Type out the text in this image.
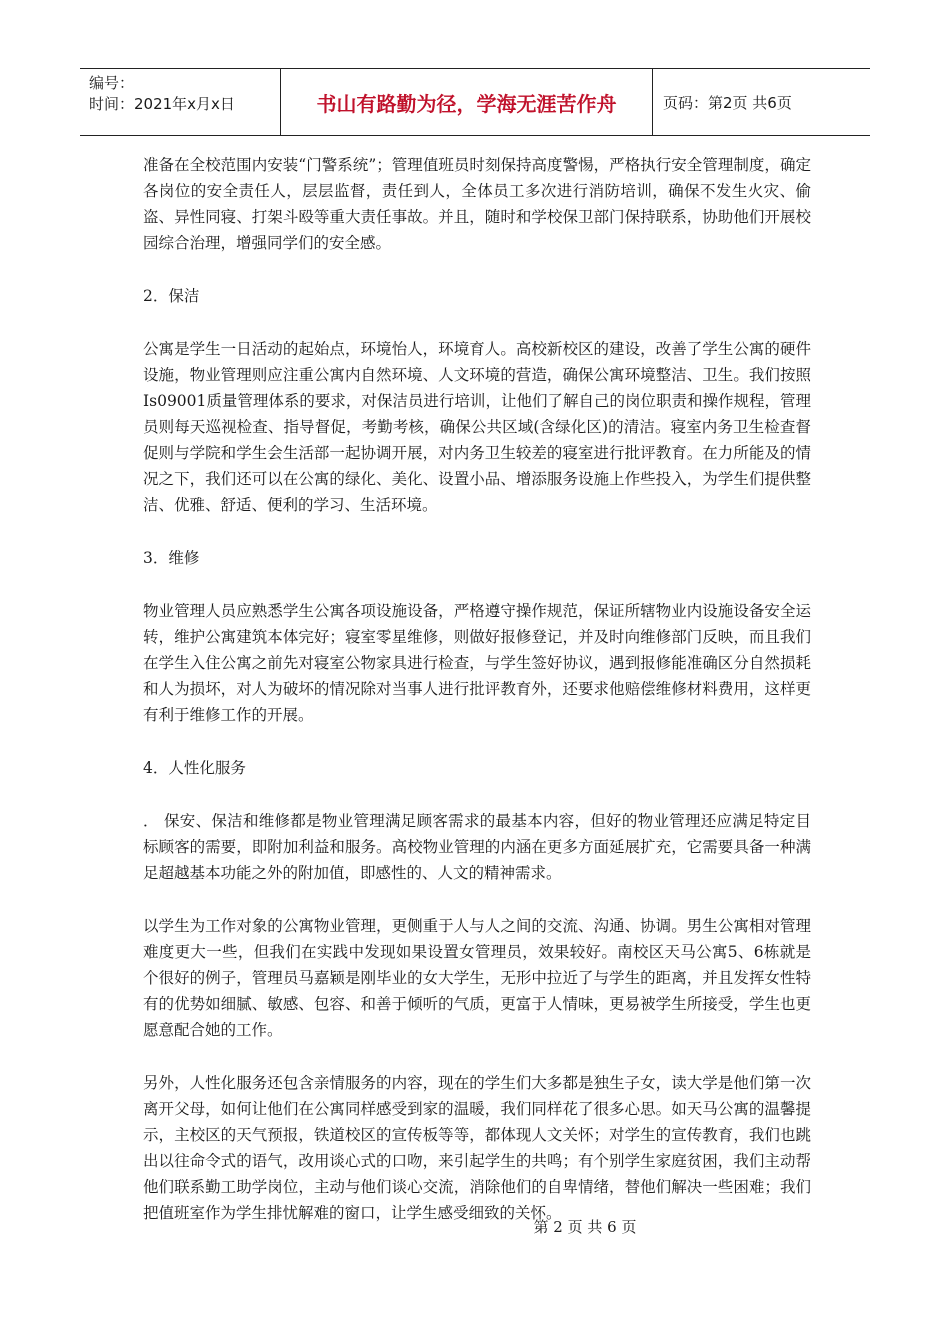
编号：
时间：2021年x月x日	书山有路勤为径，学海无涯苦作舟	页码：第2页 共6页

准备在全校范围内安装“门警系统”；管理值班员时刻保持高度警惕，严格执行安全管理制度，确定各岗位的安全责任人，层层监督，责任到人，全体员工多次进行消防培训，确保不发生火灾、偷盗、异性同寝、打架斗殴等重大责任事故。并且，随时和学校保卫部门保持联系，协助他们开展校园综合治理，增强同学们的安全感。

2．保洁

公寓是学生一日活动的起始点，环境怡人，环境育人。高校新校区的建设，改善了学生公寓的硬件设施，物业管理则应注重公寓内自然环境、人文环境的营造，确保公寓环境整洁、卫生。我们按照Is09001质量管理体系的要求，对保洁员进行培训，让他们了解自己的岗位职责和操作规程，管理员则每天巡视检查、指导督促，考勤考核，确保公共区域(含绿化区)的清洁。寝室内务卫生检查督促则与学院和学生会生活部一起协调开展，对内务卫生较差的寝室进行批评教育。在力所能及的情况之下，我们还可以在公寓的绿化、美化、设置小品、增添服务设施上作些投入，为学生们提供整洁、优雅、舒适、便利的学习、生活环境。

3．维修

物业管理人员应熟悉学生公寓各项设施设备，严格遵守操作规范，保证所辖物业内设施设备安全运转，维护公寓建筑本体完好；寝室零星维修，则做好报修登记，并及时向维修部门反映，而且我们在学生入住公寓之前先对寝室公物家具进行检查，与学生签好协议，遇到报修能准确区分自然损耗和人为损坏，对人为破坏的情况除对当事人进行批评教育外，还要求他赔偿维修材料费用，这样更有利于维修工作的开展。

4．人性化服务

． 保安、保洁和维修都是物业管理满足顾客需求的最基本内容，但好的物业管理还应满足特定目标顾客的需要，即附加利益和服务。高校物业管理的内涵在更多方面延展扩充，它需要具备一种满足超越基本功能之外的附加值，即感性的、人文的精神需求。

以学生为工作对象的公寓物业管理，更侧重于人与人之间的交流、沟通、协调。男生公寓相对管理难度更大一些，但我们在实践中发现如果设置女管理员，效果较好。南校区天马公寓5、6栋就是个很好的例子，管理员马嘉颖是刚毕业的女大学生，无形中拉近了与学生的距离，并且发挥女性特有的优势如细腻、敏感、包容、和善于倾听的气质，更富于人情味，更易被学生所接受，学生也更愿意配合她的工作。

另外，人性化服务还包含亲情服务的内容，现在的学生们大多都是独生子女，读大学是他们第一次离开父母，如何让他们在公寓同样感受到家的温暖，我们同样花了很多心思。如天马公寓的温馨提示，主校区的天气预报，铁道校区的宣传板等等，都体现人文关怀；对学生的宣传教育，我们也跳出以往命令式的语气，改用谈心式的口吻，来引起学生的共鸣；有个别学生家庭贫困，我们主动帮他们联系勤工助学岗位，主动与他们谈心交流，消除他们的自卑情绪，替他们解决一些困难；我们把值班室作为学生排忧解难的窗口，让学生感受细致的关怀。

第 2 页 共 6 页
